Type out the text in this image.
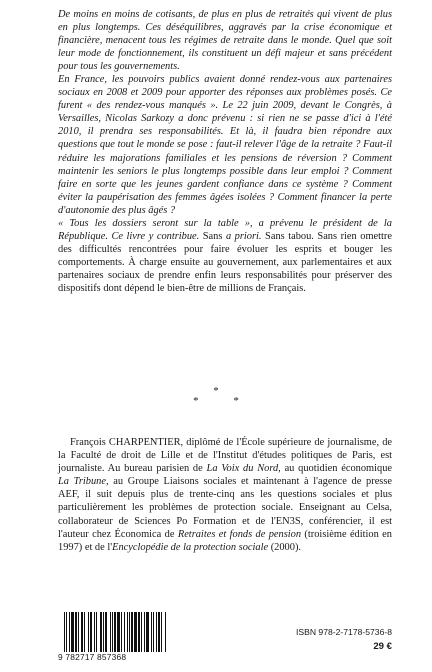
De moins en moins de cotisants, de plus en plus de retraités qui vivent de plus en plus longtemps. Ces déséquilibres, aggravés par la crise économique et financière, menacent tous les régimes de retraite dans le monde. Quel que soit leur mode de fonctionnement, ils constituent un défi majeur et sans précédent pour tous les gouvernements.

En France, les pouvoirs publics avaient donné rendez-vous aux partenaires sociaux en 2008 et 2009 pour apporter des réponses aux problèmes posés. Ce furent « des rendez-vous manqués ». Le 22 juin 2009, devant le Congrès, à Versailles, Nicolas Sarkozy a donc prévenu : si rien ne se passe d'ici à l'été 2010, il prendra ses responsabilités. Et là, il faudra bien répondre aux questions que tout le monde se pose : faut-il relever l'âge de la retraite ? Faut-il réduire les majorations familiales et les pensions de réversion ? Comment maintenir les seniors le plus longtemps possible dans leur emploi ? Comment faire en sorte que les jeunes gardent confiance dans ce système ? Comment éviter la paupérisation des femmes âgées isolées ? Comment financer la perte d'autonomie des plus âgés ?

« Tous les dossiers seront sur la table », a prévenu le président de la République. Ce livre y contribue. Sans a priori. Sans tabou. Sans rien omettre des difficultés rencontrées pour faire évoluer les esprits et bouger les comportements. À charge ensuite au gouvernement, aux parlementaires et aux partenaires sociaux de prendre enfin leurs responsabilités pour préserver des dispositifs dont dépend le bien-être de millions de Français.

*
* *

François CHARPENTIER, diplômé de l'École supérieure de journalisme, de la Faculté de droit de Lille et de l'Institut d'études politiques de Paris, est journaliste. Au bureau parisien de La Voix du Nord, au quotidien économique La Tribune, au Groupe Liaisons sociales et maintenant à l'agence de presse AEF, il suit depuis plus de trente-cinq ans les questions sociales et plus particulièrement les problèmes de protection sociale. Enseignant au Celsa, collaborateur de Sciences Po Formation et de l'EN3S, conférencier, il est l'auteur chez Économica de Retraites et fonds de pension (troisième édition en 1997) et de l'Encyclopédie de la protection sociale (2000).

9 782717 857368
ISBN 978-2-7178-5736-8
29 €
